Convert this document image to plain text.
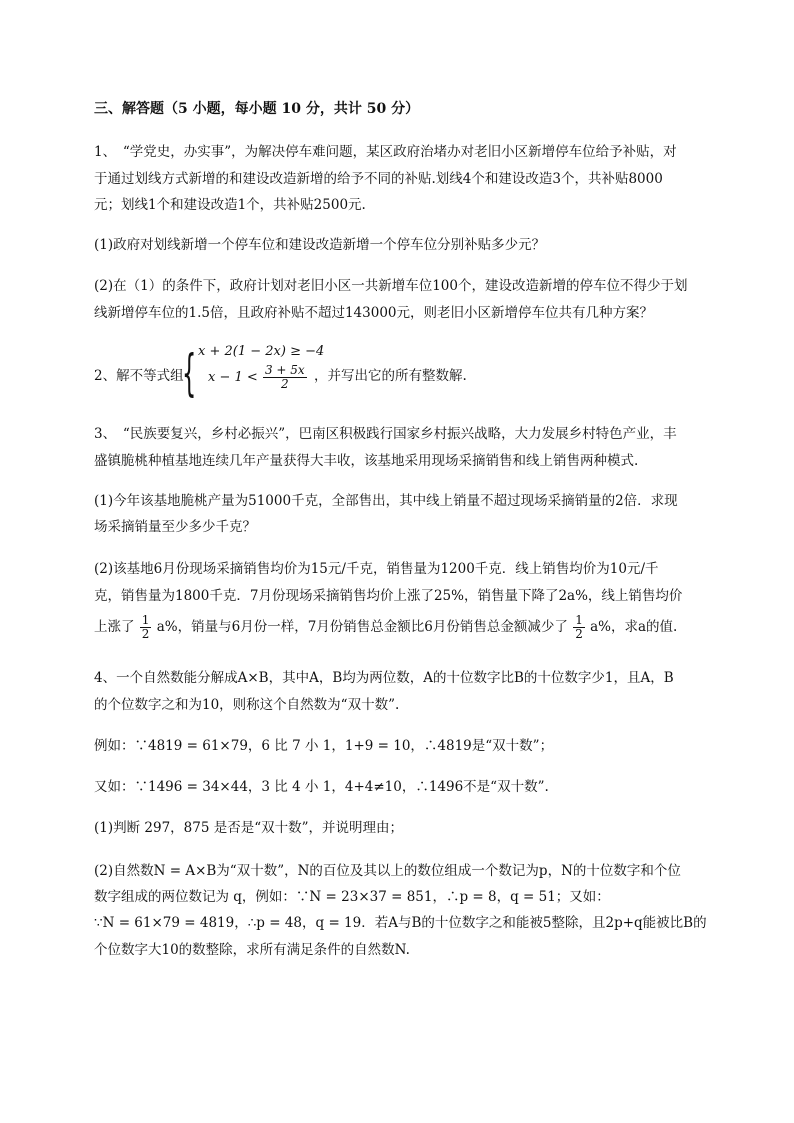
三、解答题（5 小题，每小题 10 分，共计 50 分）
1、　“学党史，办实事”，为解决停车难问题，某区政府治堵办对老旧小区新增停车位给予补贴，对
于通过划线方式新增的和建设改造新增的给予不同的补贴.划线4个和建设改造3个，共补贴8000
元；划线1个和建设改造1个，共补贴2500元.
(1)政府对划线新增一个停车位和建设改造新增一个停车位分别补贴多少元？
(2)在（1）的条件下，政府计划对老旧小区一共新增车位100个，建设改造新增的停车位不得少于划
线新增停车位的1.5倍，且政府补贴不超过143000元，则老旧小区新增停车位共有几种方案？
2、解不等式组
{ x + 2(1 − 2x) ≥ −4
$x - 1 < \frac{3 + 5x}{2}$ ，并写出它的所有整数解.
3、　“民族要复兴，乡村必振兴”，巴南区积极践行国家乡村振兴战略，大力发展乡村特色产业，丰
盛镇脆桃种植基地连续几年产量获得大丰收，该基地采用现场采摘销售和线上销售两种模式.
(1)今年该基地脆桃产量为51000千克，全部售出，其中线上销量不超过现场采摘销量的2倍．求现
场采摘销量至少多少千克？
(2)该基地6月份现场采摘销售均价为15元/千克，销售量为1200千克．线上销售均价为10元/千
克，销售量为1800千克．7月份现场采摘销售均价上涨了25%，销售量下降了2a%，线上销售均价
上涨了 $\frac{1}{2} a\%$，销量与6月份一样，7月份销售总金额比6月份销售总金额减少了 $\frac{1}{2} a\%$，求a的值.
4、一个自然数能分解成A×B，其中A，B均为两位数，A的十位数字比B的十位数字少1，且A，B
的个位数字之和为10，则称这个自然数为“双十数”.
例如：∵4819 = 61×79，6 比 7 小 1，1+9 = 10，∴4819是“双十数”；
又如：∵1496 = 34×44，3 比 4 小 1，4+4≠10，∴1496不是“双十数”.
(1)判断 297，875 是否是“双十数”，并说明理由；
(2)自然数N = A×B为“双十数”，N的百位及其以上的数位组成一个数记为p，N的十位数字和个位
数字组成的两位数记为 q，例如：∵N = 23×37 = 851，∴p = 8，q = 51；又如：
∵N = 61×79 = 4819，∴p = 48，q = 19．若A与B的十位数字之和能被5整除，且2p+q能被比B的
个位数字大10的数整除，求所有满足条件的自然数N.
